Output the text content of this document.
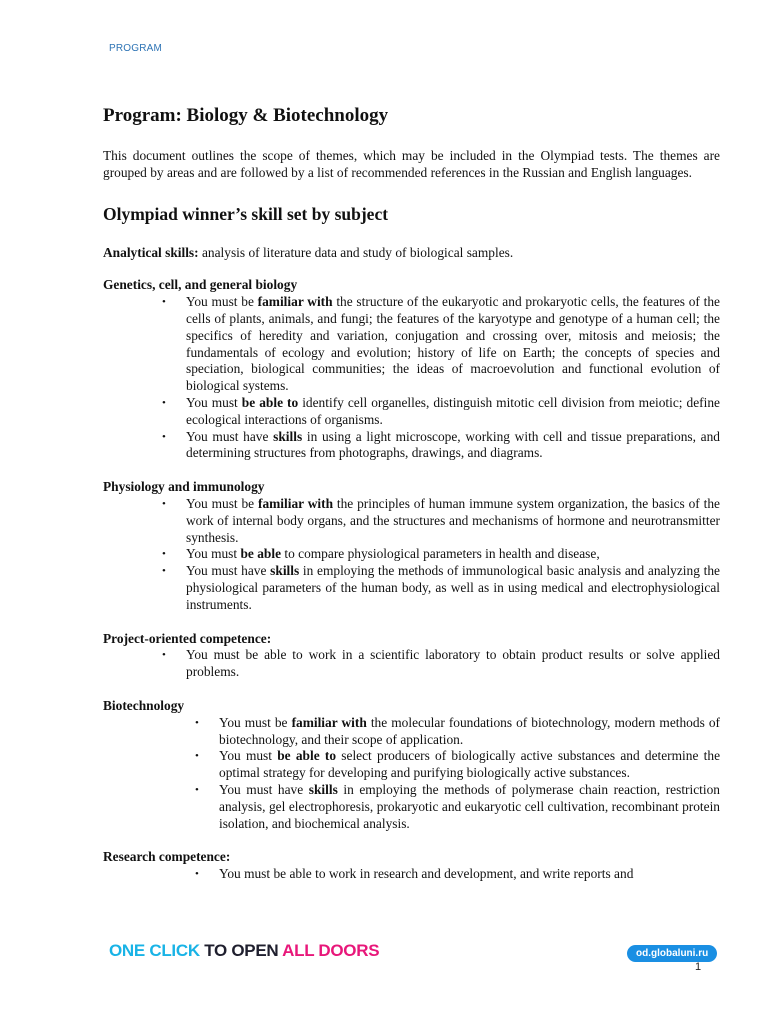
PROGRAM
Program: Biology & Biotechnology

This document outlines the scope of themes, which may be included in the Olympiad tests. The themes are grouped by areas and are followed by a list of recommended references in the Russian and English languages.

Olympiad winner’s skill set by subject

Analytical skills: analysis of literature data and study of biological samples.

Genetics, cell, and general biology
• You must be familiar with the structure of the eukaryotic and prokaryotic cells, the features of the cells of plants, animals, and fungi; the features of the karyotype and genotype of a human cell; the specifics of heredity and variation, conjugation and crossing over, mitosis and meiosis; the fundamentals of ecology and evolution; history of life on Earth; the concepts of species and speciation, biological communities; the ideas of macroevolution and functional evolution of biological systems.
• You must be able to identify cell organelles, distinguish mitotic cell division from meiotic; define ecological interactions of organisms.
• You must have skills in using a light microscope, working with cell and tissue preparations, and determining structures from photographs, drawings, and diagrams.
Physiology and immunology
• You must be familiar with the principles of human immune system organization, the basics of the work of internal body organs, and the structures and mechanisms of hormone and neurotransmitter synthesis.
• You must be able to compare physiological parameters in health and disease,
• You must have skills in employing the methods of immunological basic analysis and analyzing the physiological parameters of the human body, as well as in using medical and electrophysiological instruments.
Project-oriented competence:
• You must be able to work in a scientific laboratory to obtain product results or solve applied problems.
Biotechnology
• You must be familiar with the molecular foundations of biotechnology, modern methods of biotechnology, and their scope of application.
• You must be able to select producers of biologically active substances and determine the optimal strategy for developing and purifying biologically active substances.
• You must have skills in employing the methods of polymerase chain reaction, restriction analysis, gel electrophoresis, prokaryotic and eukaryotic cell cultivation, recombinant protein isolation, and biochemical analysis.
Research competence:
• You must be able to work in research and development, and write reports and
ONE CLICK TO OPEN ALL DOORS	od.globaluni.ru
1
